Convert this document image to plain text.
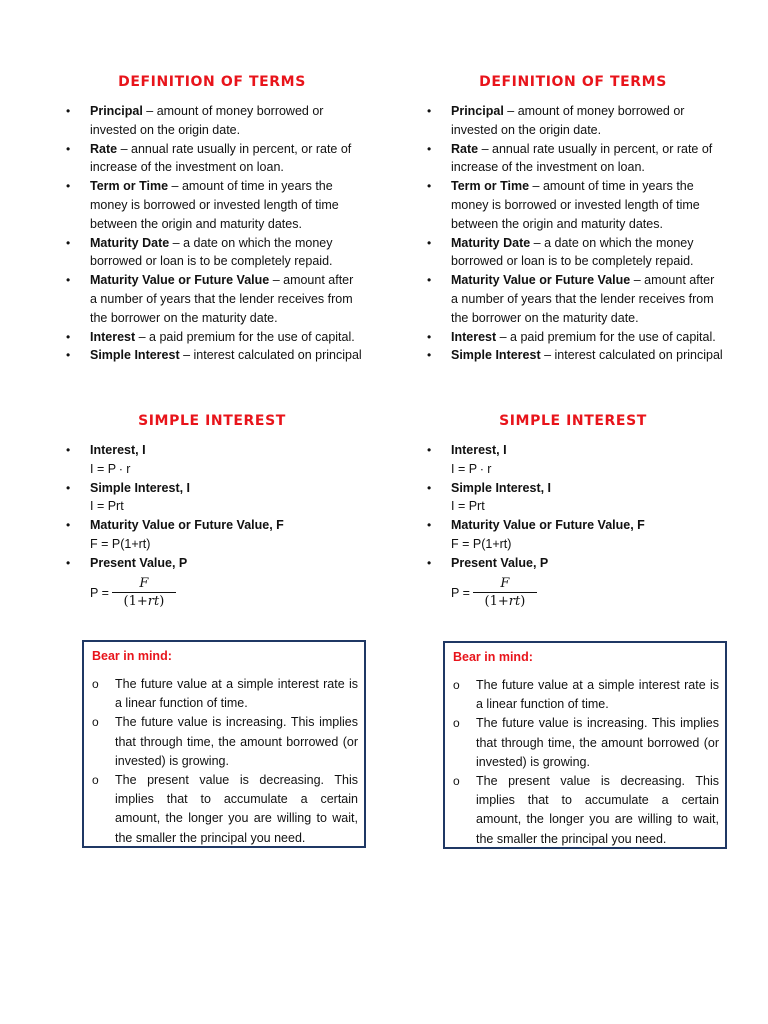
DEFINITION OF TERMS
• Principal – amount of money borrowed or invested on the origin date.
• Rate – annual rate usually in percent, or rate of increase of the investment on loan.
• Term or Time – amount of time in years the money is borrowed or invested length of time between the origin and maturity dates.
• Maturity Date – a date on which the money borrowed or loan is to be completely repaid.
• Maturity Value or Future Value – amount after a number of years that the lender receives from the borrower on the maturity date.
• Interest – a paid premium for the use of capital.
• Simple Interest – interest calculated on principal
SIMPLE INTEREST
• Interest, I
I = P ∙ r
• Simple Interest, I
I = Prt
• Maturity Value or Future Value, F
F = P(1+rt)
• Present Value, P
$P = \frac{F}{(1+rt)}$
Bear in mind:
o The future value at a simple interest rate is a linear function of time.
o The future value is increasing. This implies that through time, the amount borrowed (or invested) is growing.
o The present value is decreasing. This implies that to accumulate a certain amount, the longer you are willing to wait, the smaller the principal you need.
DEFINITION OF TERMS
• Principal – amount of money borrowed or invested on the origin date.
• Rate – annual rate usually in percent, or rate of increase of the investment on loan.
• Term or Time – amount of time in years the money is borrowed or invested length of time between the origin and maturity dates.
• Maturity Date – a date on which the money borrowed or loan is to be completely repaid.
• Maturity Value or Future Value – amount after a number of years that the lender receives from the borrower on the maturity date.
• Interest – a paid premium for the use of capital.
• Simple Interest – interest calculated on principal
SIMPLE INTEREST
• Interest, I
I = P ∙ r
• Simple Interest, I
I = Prt
• Maturity Value or Future Value, F
F = P(1+rt)
• Present Value, P
$P = \frac{F}{(1+rt)}$
Bear in mind:
o The future value at a simple interest rate is a linear function of time.
o The future value is increasing. This implies that through time, the amount borrowed (or invested) is growing.
o The present value is decreasing. This implies that to accumulate a certain amount, the longer you are willing to wait, the smaller the principal you need.
